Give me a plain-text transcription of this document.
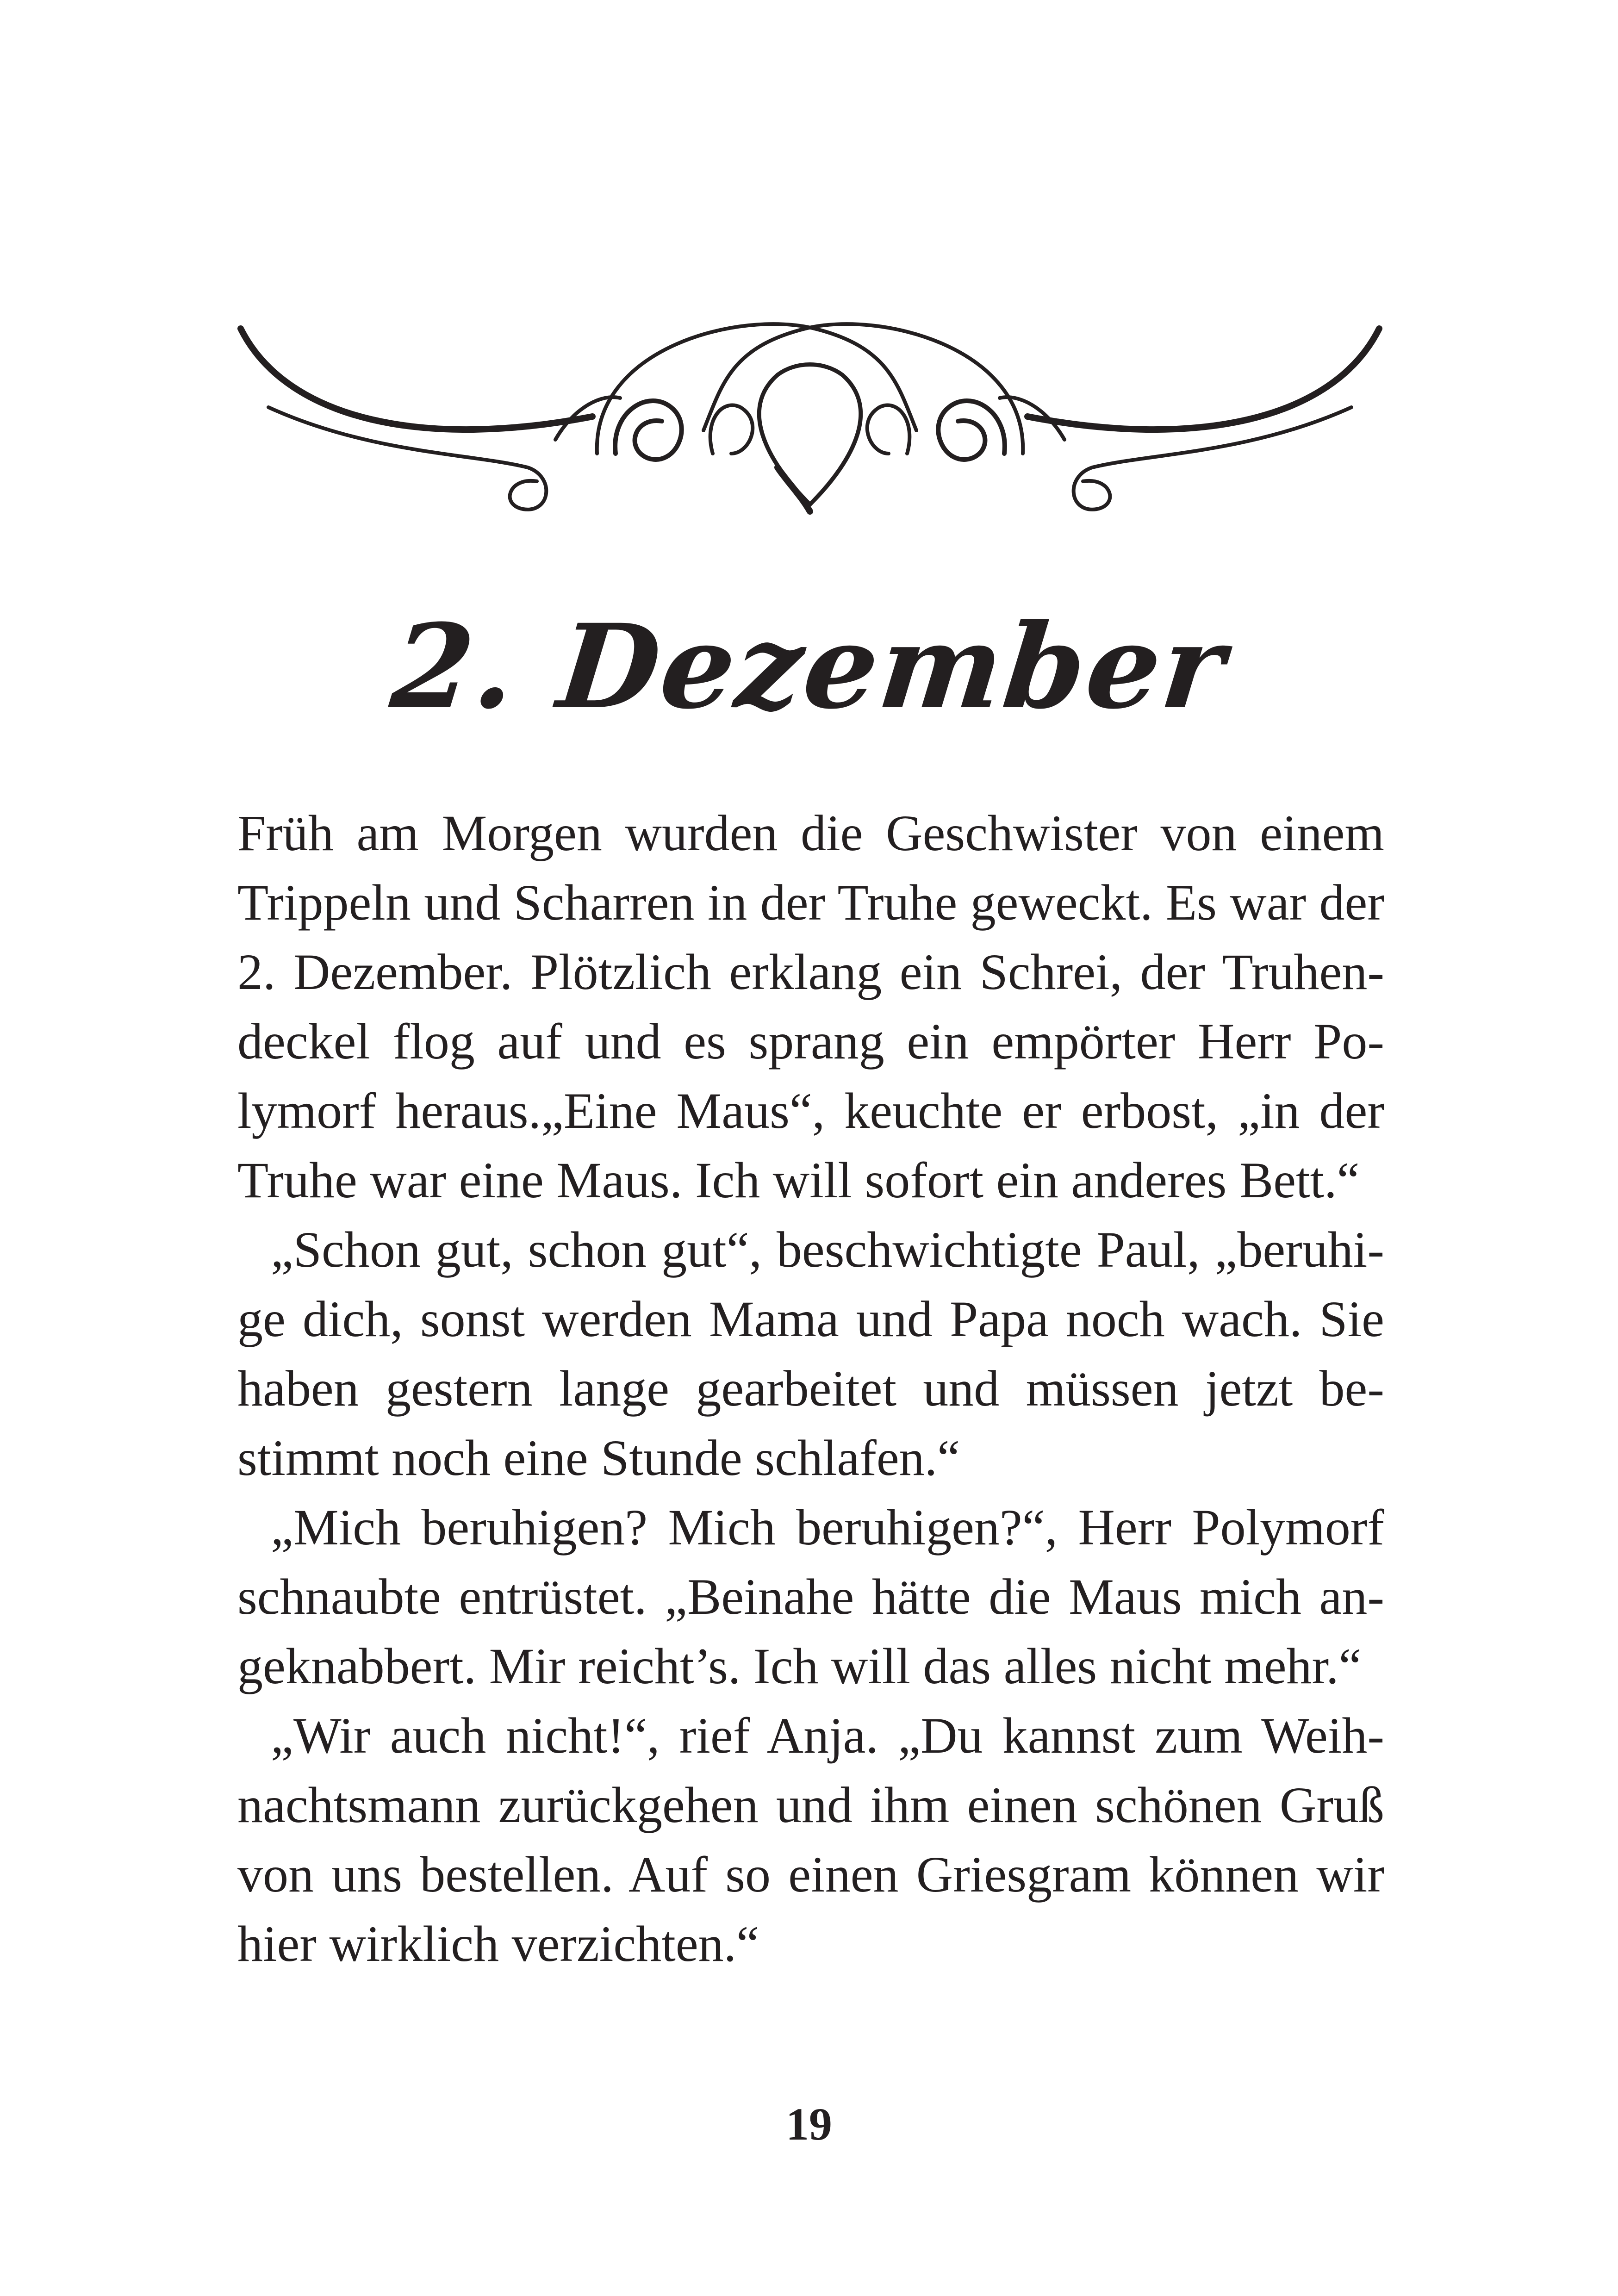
2. Dezember

Früh am Morgen wurden die Geschwister von einem Trippeln und Scharren in der Truhe geweckt. Es war der 2. Dezember. Plötzlich erklang ein Schrei, der Truhendeckel flog auf und es sprang ein empörter Herr Polymorf heraus.„Eine Maus“, keuchte er erbost, „in der Truhe war eine Maus. Ich will sofort ein anderes Bett.“

„Schon gut, schon gut“, beschwichtigte Paul, „beruhige dich, sonst werden Mama und Papa noch wach. Sie haben gestern lange gearbeitet und müssen jetzt bestimmt noch eine Stunde schlafen.“

„Mich beruhigen? Mich beruhigen?“, Herr Polymorf schnaubte entrüstet. „Beinahe hätte die Maus mich angeknabbert. Mir reicht’s. Ich will das alles nicht mehr.“

„Wir auch nicht!“, rief Anja. „Du kannst zum Weihnachtsmann zurückgehen und ihm einen schönen Gruß von uns bestellen. Auf so einen Griesgram können wir hier wirklich verzichten.“

19
